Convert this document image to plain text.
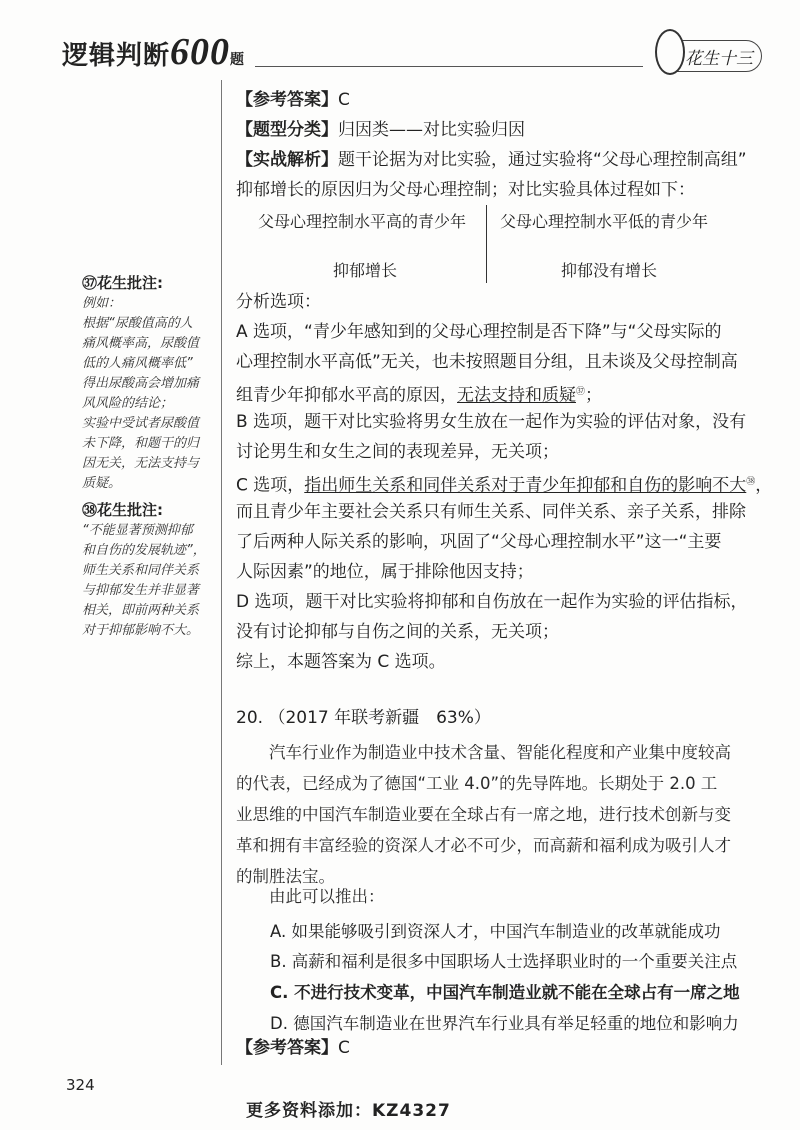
逻辑判断600题	花生十三
【参考答案】C
【题型分类】归因类——对比实验归因
【实战解析】题干论据为对比实验，通过实验将“父母心理控制高组”
抑郁增长的原因归为父母心理控制；对比实验具体过程如下：
父母心理控制水平高的青少年 父母心理控制水平低的青少年
抑郁增长	抑郁没有增长
分析选项：
A 选项，“青少年感知到的父母心理控制是否下降”与“父母实际的
心理控制水平高低”无关，也未按照题目分组，且未谈及父母控制高
组青少年抑郁水平高的原因，无法支持和质疑$^㊲$；
B 选项，题干对比实验将男女生放在一起作为实验的评估对象，没有
讨论男生和女生之间的表现差异，无关项；
C 选项，指出师生关系和同伴关系对于青少年抑郁和自伤的影响不大$^㊳$，
而且青少年主要社会关系只有师生关系、同伴关系、亲子关系，排除
了后两种人际关系的影响，巩固了“父母心理控制水平”这一“主要
人际因素”的地位，属于排除他因支持；
D 选项，题干对比实验将抑郁和自伤放在一起作为实验的评估指标，
没有讨论抑郁与自伤之间的关系，无关项；
综上，本题答案为 C 选项。
㊲花生批注:
例如：
根据“尿酸值高的人
痛风概率高，尿酸值
低的人痛风概率低”
得出尿酸高会增加痛
风风险的结论；
实验中受试者尿酸值
未下降，和题干的归
因无关，无法支持与
质疑。
㊳花生批注:
“不能显著预测抑郁
和自伤的发展轨迹”，
师生关系和同伴关系
与抑郁发生并非显著
相关，即前两种关系
对于抑郁影响不大。
20. （2017 年联考新疆　63%）
　　汽车行业作为制造业中技术含量、智能化程度和产业集中度较高
的代表，已经成为了德国“工业 4.0”的先导阵地。长期处于 2.0 工
业思维的中国汽车制造业要在全球占有一席之地，进行技术创新与变
革和拥有丰富经验的资深人才必不可少，而高薪和福利成为吸引人才
的制胜法宝。
　　由此可以推出：
A. 如果能够吸引到资深人才，中国汽车制造业的改革就能成功
B. 高薪和福利是很多中国职场人士选择职业时的一个重要关注点
C. 不进行技术变革，中国汽车制造业就不能在全球占有一席之地
D. 德国汽车制造业在世界汽车行业具有举足轻重的地位和影响力
【参考答案】C
324
更多资料添加：KZ4327
